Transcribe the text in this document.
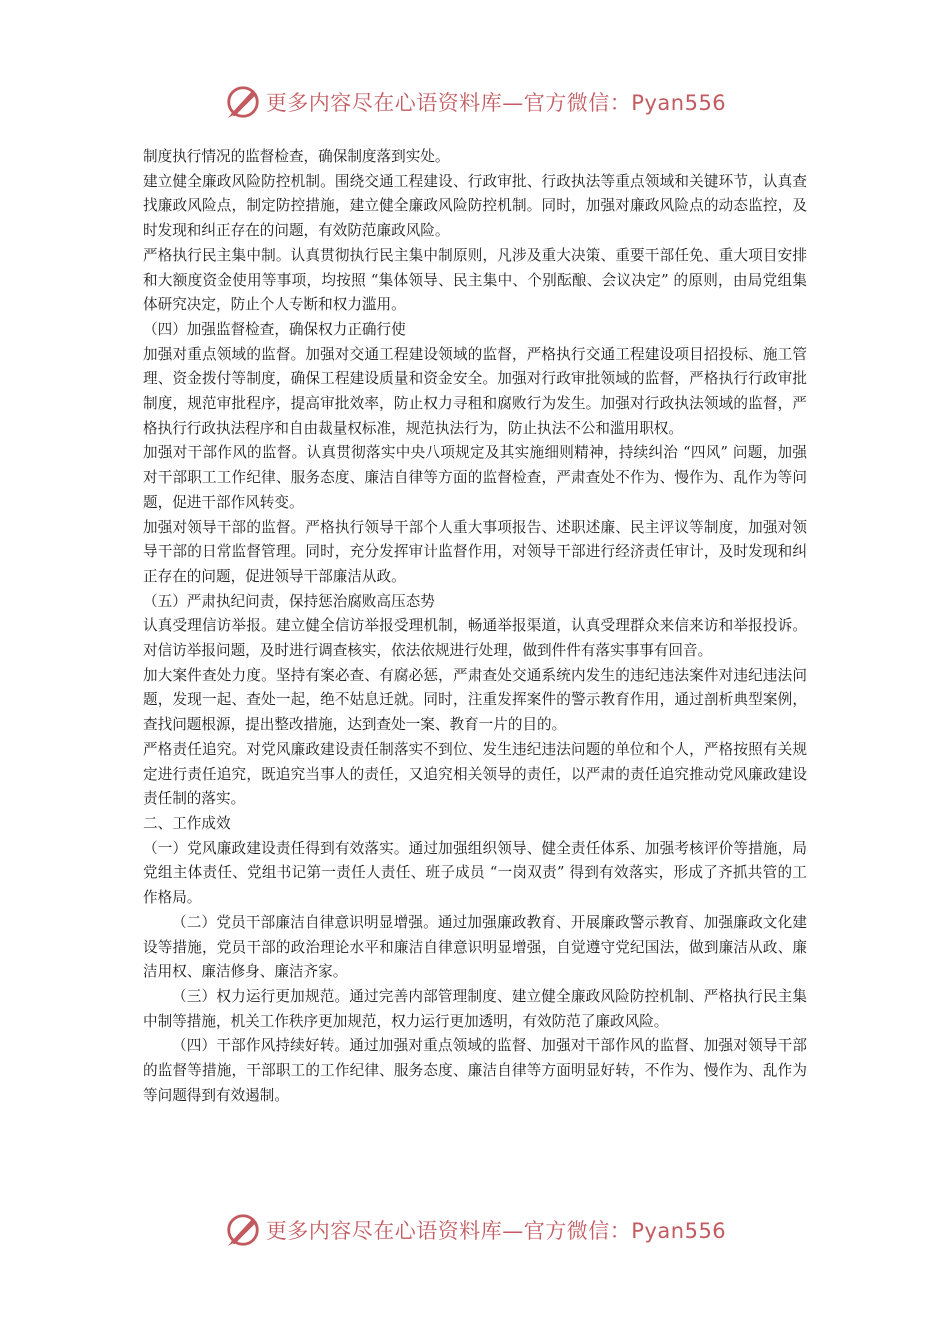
更多内容尽在心语资料库—官方微信：Pyan556

制度执行情况的监督检查，确保制度落到实处。

建立健全廉政风险防控机制。围绕交通工程建设、行政审批、行政执法等重点领域和关键环节，认真查找廉政风险点，制定防控措施，建立健全廉政风险防控机制。同时，加强对廉政风险点的动态监控，及时发现和纠正存在的问题，有效防范廉政风险。

严格执行民主集中制。认真贯彻执行民主集中制原则，凡涉及重大决策、重要干部任免、重大项目安排和大额度资金使用等事项，均按照 “集体领导、民主集中、个别酝酿、会议决定” 的原则，由局党组集体研究决定，防止个人专断和权力滥用。

（四）加强监督检查，确保权力正确行使

加强对重点领域的监督。加强对交通工程建设领域的监督，严格执行交通工程建设项目招投标、施工管理、资金拨付等制度，确保工程建设质量和资金安全。加强对行政审批领域的监督，严格执行行政审批制度，规范审批程序，提高审批效率，防止权力寻租和腐败行为发生。加强对行政执法领域的监督，严格执行行政执法程序和自由裁量权标准，规范执法行为，防止执法不公和滥用职权。

加强对干部作风的监督。认真贯彻落实中央八项规定及其实施细则精神，持续纠治 “四风” 问题，加强对干部职工工作纪律、服务态度、廉洁自律等方面的监督检查，严肃查处不作为、慢作为、乱作为等问题，促进干部作风转变。

加强对领导干部的监督。严格执行领导干部个人重大事项报告、述职述廉、民主评议等制度，加强对领导干部的日常监督管理。同时，充分发挥审计监督作用，对领导干部进行经济责任审计，及时发现和纠正存在的问题，促进领导干部廉洁从政。

（五）严肃执纪问责，保持惩治腐败高压态势

认真受理信访举报。建立健全信访举报受理机制，畅通举报渠道，认真受理群众来信来访和举报投诉。对信访举报问题，及时进行调查核实，依法依规进行处理，做到件件有落实事事有回音。

加大案件查处力度。坚持有案必查、有腐必惩，严肃查处交通系统内发生的违纪违法案件对违纪违法问题，发现一起、查处一起，绝不姑息迁就。同时，注重发挥案件的警示教育作用，通过剖析典型案例，查找问题根源，提出整改措施，达到查处一案、教育一片的目的。

严格责任追究。对党风廉政建设责任制落实不到位、发生违纪违法问题的单位和个人，严格按照有关规定进行责任追究，既追究当事人的责任，又追究相关领导的责任，以严肃的责任追究推动党风廉政建设责任制的落实。

二、工作成效

（一）党风廉政建设责任得到有效落实。通过加强组织领导、健全责任体系、加强考核评价等措施，局党组主体责任、党组书记第一责任人责任、班子成员 “一岗双责” 得到有效落实，形成了齐抓共管的工作格局。

（二）党员干部廉洁自律意识明显增强。通过加强廉政教育、开展廉政警示教育、加强廉政文化建设等措施，党员干部的政治理论水平和廉洁自律意识明显增强，自觉遵守党纪国法，做到廉洁从政、廉洁用权、廉洁修身、廉洁齐家。

（三）权力运行更加规范。通过完善内部管理制度、建立健全廉政风险防控机制、严格执行民主集中制等措施，机关工作秩序更加规范，权力运行更加透明，有效防范了廉政风险。

（四）干部作风持续好转。通过加强对重点领域的监督、加强对干部作风的监督、加强对领导干部的监督等措施，干部职工的工作纪律、服务态度、廉洁自律等方面明显好转，不作为、慢作为、乱作为等问题得到有效遏制。

更多内容尽在心语资料库—官方微信：Pyan556
